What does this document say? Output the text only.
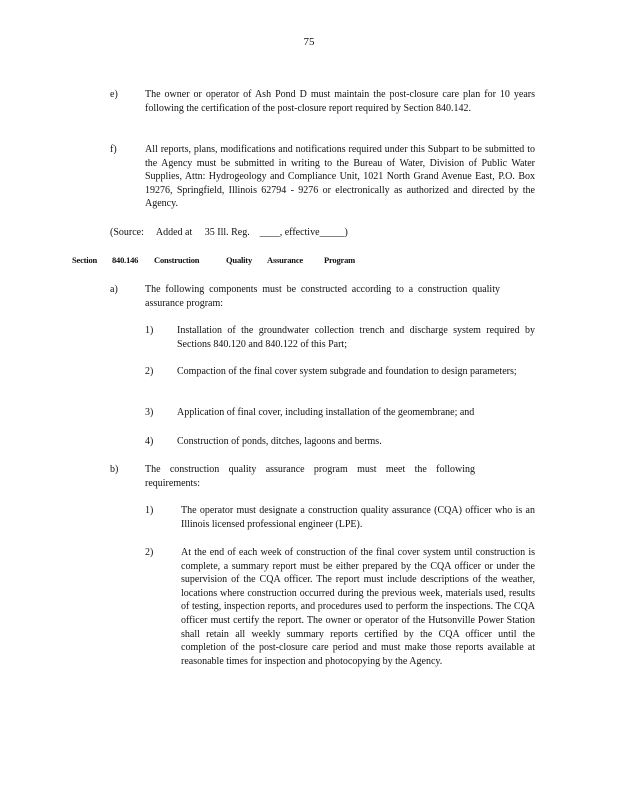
75
e)	The owner or operator of Ash Pond D must maintain the post-closure care plan for 10 years following the certification of the post-closure report required by Section 840.142.
f)	All reports, plans, modifications and notifications required under this Subpart to be submitted to the Agency must be submitted in writing to the Bureau of Water, Division of Public Water Supplies, Attn: Hydrogeology and Compliance Unit, 1021 North Grand Avenue East, P.O. Box 19276, Springfield, Illinois 62794 - 9276 or electronically as authorized and directed by the Agency.
(Source: Added at 35 Ill. Reg. ____, effective_____)
Section 840.146 Construction	Quality Assurance Program
a)	The following components must be constructed according to a construction quality assurance program:
1) Installation of the groundwater collection trench and discharge system required by Sections 840.120 and 840.122 of this Part;
2) Compaction of the final cover system subgrade and foundation to design parameters;
3) Application of final cover, including installation of the geomembrane; and
4) Construction of ponds, ditches, lagoons and berms.
b)	The construction quality assurance program must meet the following requirements:
1)	The operator must designate a construction quality assurance (CQA) officer who is an Illinois licensed professional engineer (LPE).
2)	At the end of each week of construction of the final cover system until construction is complete, a summary report must be either prepared by the CQA officer or under the supervision of the CQA officer. The report must include descriptions of the weather, locations where construction occurred during the previous week, materials used, results of testing, inspection reports, and procedures used to perform the inspections. The CQA officer must certify the report. The owner or operator of the Hutsonville Power Station shall retain all weekly summary reports certified by the CQA officer until the completion of the post-closure care period and must make those reports available at reasonable times for inspection and photocopying by the Agency.
